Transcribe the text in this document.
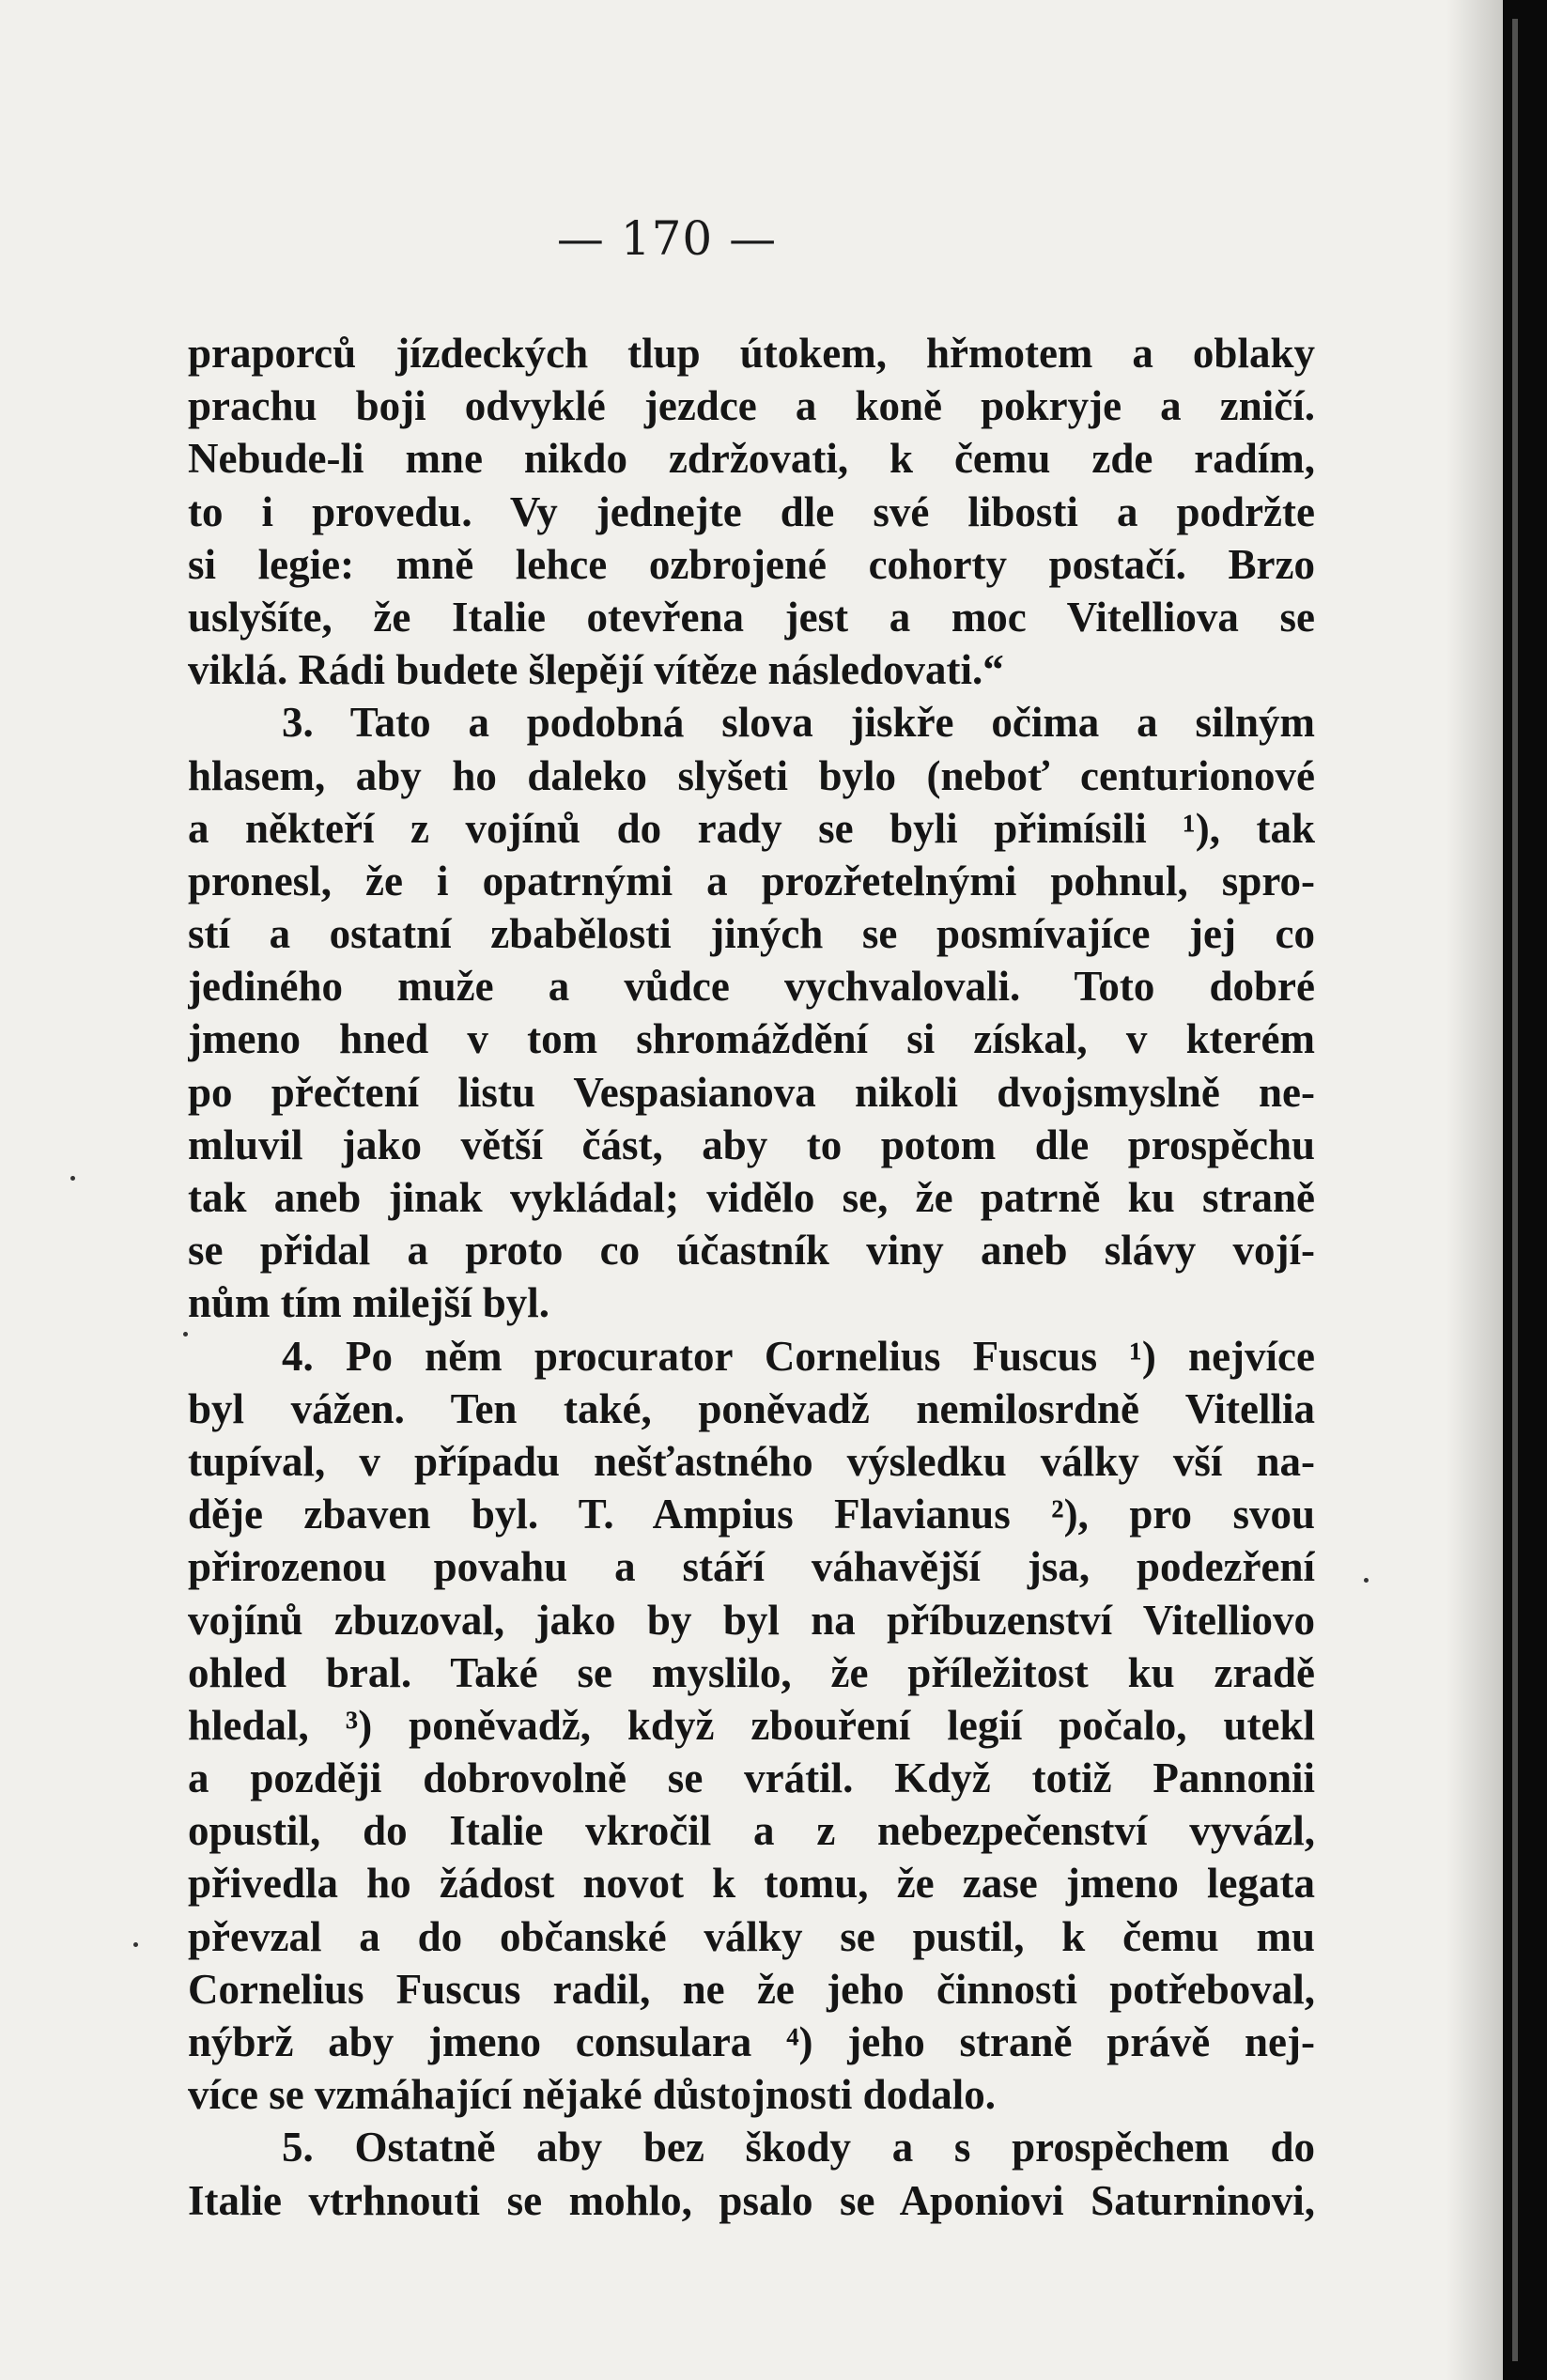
— 170 —
praporců jízdeckých tlup útokem, hřmotem a oblaky
prachu boji odvyklé jezdce a koně pokryje a zničí.
Nebude-li mne nikdo zdržovati, k čemu zde radím,
to i provedu. Vy jednejte dle své libosti a podržte
si legie: mně lehce ozbrojené cohorty postačí. Brzo
uslyšíte, že Italie otevřena jest a moc Vitelliova se
viklá. Rádi budete šlepějí vítěze následovati.“
3. Tato a podobná slova jiskře očima a silným
hlasem, aby ho daleko slyšeti bylo (neboť centurionové
a někteří z vojínů do rady se byli přimísili ¹), tak
pronesl, že i opatrnými a prozřetelnými pohnul, spro-
stí a ostatní zbabělosti jiných se posmívajíce jej co
jediného muže a vůdce vychvalovali. Toto dobré
jmeno hned v tom shromáždění si získal, v kterém
po přečtení listu Vespasianova nikoli dvojsmyslně ne-
mluvil jako větší část, aby to potom dle prospěchu
tak aneb jinak vykládal; vidělo se, že patrně ku straně
se přidal a proto co účastník viny aneb slávy vojí-
nům tím milejší byl.
4. Po něm procurator Cornelius Fuscus ¹) nejvíce
byl vážen. Ten také, poněvadž nemilosrdně Vitellia
tupíval, v případu nešťastného výsledku války vší na-
děje zbaven byl. T. Ampius Flavianus ²), pro svou
přirozenou povahu a stáří váhavější jsa, podezření
vojínů zbuzoval, jako by byl na příbuzenství Vitelliovo
ohled bral. Také se myslilo, že příležitost ku zradě
hledal, ³) poněvadž, když zbouření legií počalo, utekl
a později dobrovolně se vrátil. Když totiž Pannonii
opustil, do Italie vkročil a z nebezpečenství vyvázl,
přivedla ho žádost novot k tomu, že zase jmeno legata
převzal a do občanské války se pustil, k čemu mu
Cornelius Fuscus radil, ne že jeho činnosti potřeboval,
nýbrž aby jmeno consulara ⁴) jeho straně právě nej-
více se vzmáhající nějaké důstojnosti dodalo.
5. Ostatně aby bez škody a s prospěchem do
Italie vtrhnouti se mohlo, psalo se Aponiovi Saturninovi,
